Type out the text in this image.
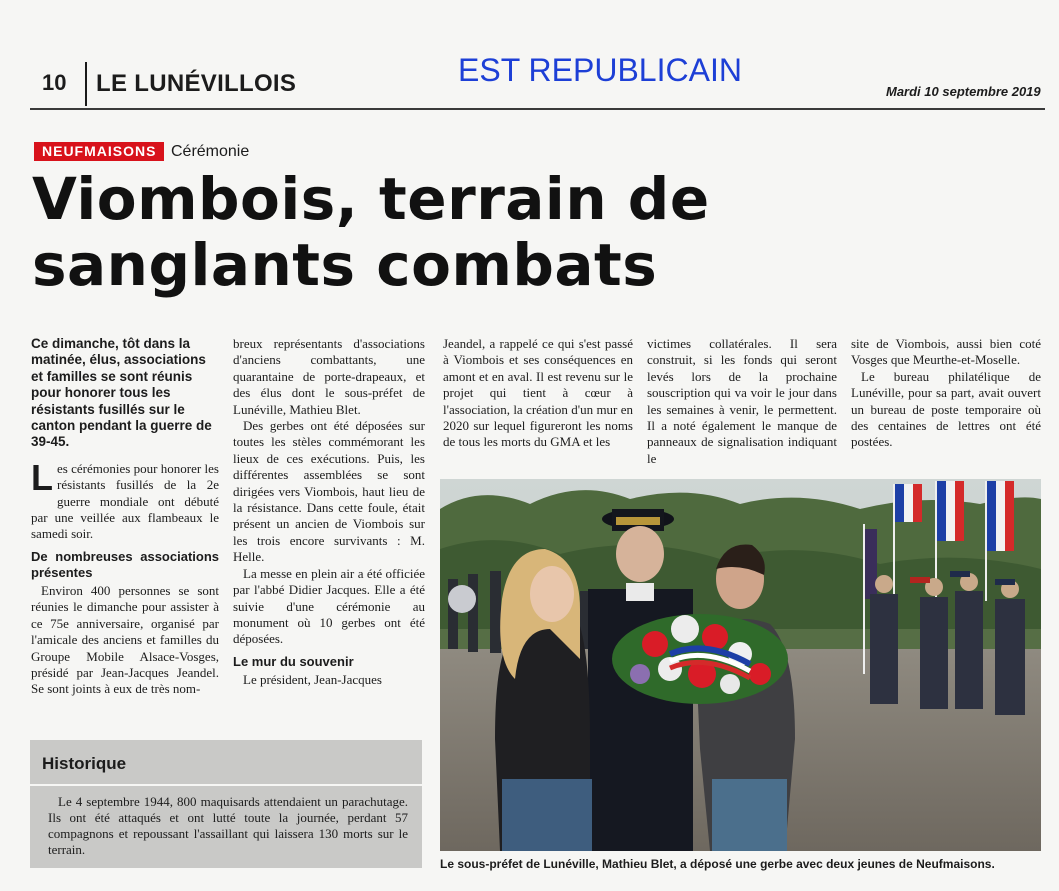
10 LE LUNÉVILLOIS	EST REPUBLICAIN
Mardi 10 septembre 2019
NEUFMAISONS Cérémonie
Viombois, terrain de sanglants combats
Ce dimanche, tôt dans la matinée, élus, associations et familles se sont réunis pour honorer tous les résistants fusillés sur le canton pendant la guerre de 39-45.

Les cérémonies pour honorer les résistants fusillés de la 2e guerre mondiale ont débuté par une veillée aux flambeaux le samedi soir.

De nombreuses associations présentes

Environ 400 personnes se sont réunies le dimanche pour assister à ce 75e anniversaire, organisé par l'amicale des anciens et familles du Groupe Mobile Alsace-Vosges, présidé par Jean-Jacques Jeandel. Se sont joints à eux de très nom-

breux représentants d'associations d'anciens combattants, une quarantaine de porte-drapeaux, et des élus dont le sous-préfet de Lunéville, Mathieu Blet.

Des gerbes ont été déposées sur toutes les stèles commémorant les lieux de ces exécutions. Puis, les différentes assemblées se sont dirigées vers Viombois, haut lieu de la résistance. Dans cette foule, était présent un ancien de Viombois sur les trois encore survivants : M. Helle.

La messe en plein air a été officiée par l'abbé Didier Jacques. Elle a été suivie d'une cérémonie au monument où 10 gerbes ont été déposées.

Le mur du souvenir

Le président, Jean-Jacques

Jeandel, a rappelé ce qui s'est passé à Viombois et ses conséquences en amont et en aval. Il est revenu sur le projet qui tient à cœur à l'association, la création d'un mur en 2020 sur lequel figureront les noms de tous les morts du GMA et les

victimes collatérales. Il sera construit, si les fonds qui seront levés lors de la prochaine souscription qui va voir le jour dans les semaines à venir, le permettent. Il a noté également le manque de panneaux de signalisation indiquant le

site de Viombois, aussi bien coté Vosges que Meurthe-et-Moselle.

Le bureau philatélique de Lunéville, pour sa part, avait ouvert un bureau de poste temporaire où des centaines de lettres ont été postées.

Historique
Le 4 septembre 1944, 800 maquisards attendaient un parachutage. Ils ont été attaqués et ont lutté toute la journée, perdant 57 compagnons et repoussant l'assaillant qui laissera 130 morts sur le terrain.
Le sous-préfet de Lunéville, Mathieu Blet, a déposé une gerbe avec deux jeunes de Neufmaisons.
